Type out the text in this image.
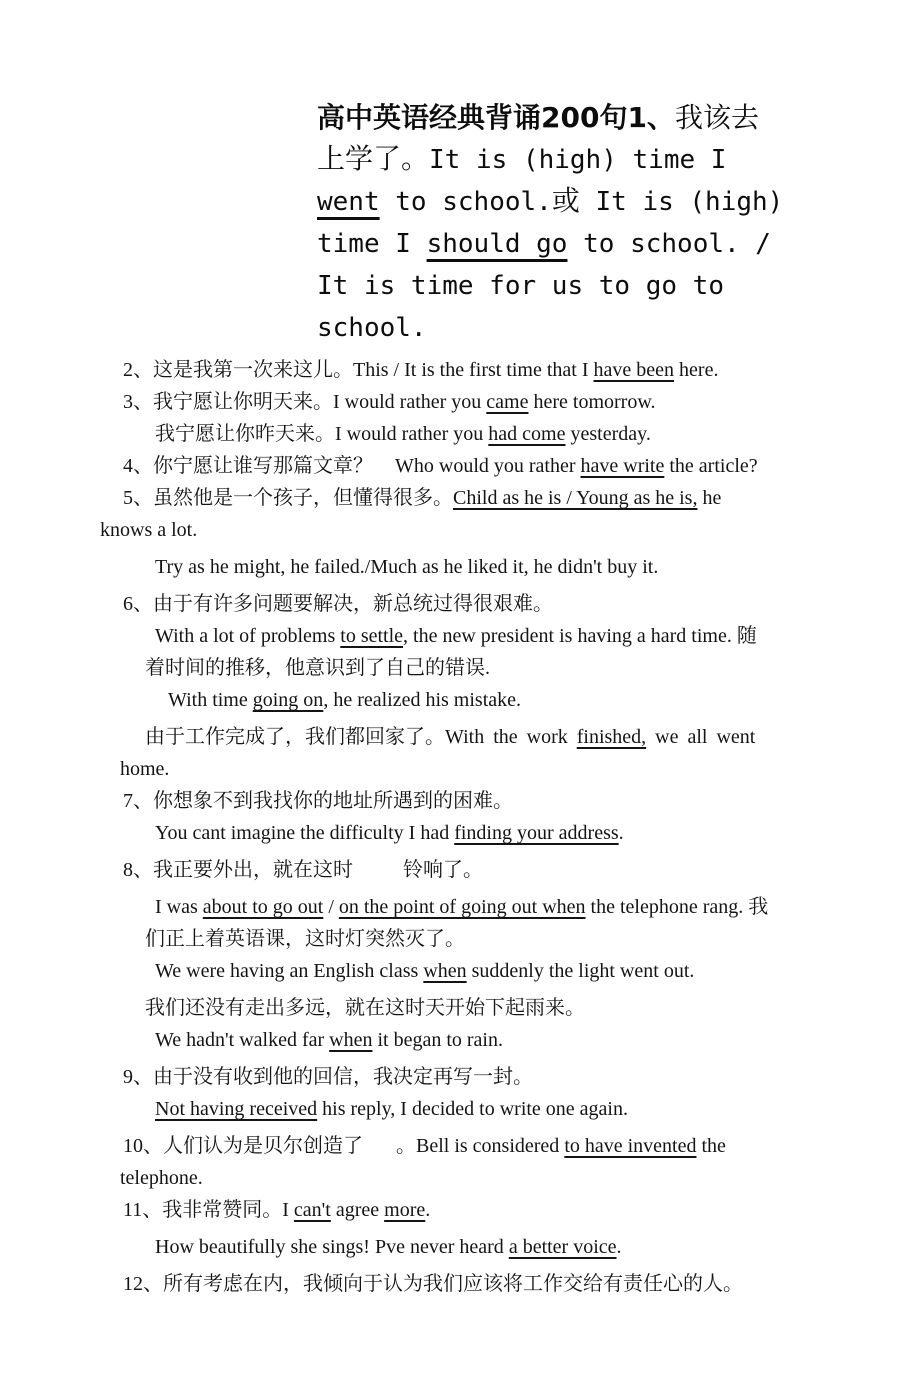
高中英语经典背诵200句1、我该去
上学了。It is (high) time I
went to school.或 It is (high)
time I should go to school. /
It is time for us to go to
school.
2、这是我第一次来这儿。This / It is the first time that I have been here.
3、我宁愿让你明天来。I would rather you came here tomorrow.
我宁愿让你昨天来。I would rather you had come yesterday.
4、你宁愿让谁写那篇文章？ Who would you rather have write the article?
5、虽然他是一个孩子，但懂得很多。Child as he is / Young as he is, he
knows a lot.
Try as he might, he failed./Much as he liked it, he didn't buy it.
6、由于有许多问题要解决，新总统过得很艰难。
With a lot of problems to settle, the new president is having a hard time. 随
着时间的推移，他意识到了自己的错误.
With time going on, he realized his mistake.
由于工作完成了，我们都回家了。With the work finished, we all went
home.
7、你想象不到我找你的地址所遇到的困难。
You cant imagine the difficulty I had finding your address.
8、我正要外出，就在这时	铃响了。
I was about to go out / on the point of going out when the telephone rang. 我
们正上着英语课，这时灯突然灭了。
We were having an English class when suddenly the light went out.
我们还没有走出多远，就在这时天开始下起雨来。
We hadn't walked far when it began to rain.
9、由于没有收到他的回信，我决定再写一封。
Not having received his reply, I decided to write one again.
10、人们认为是贝尔创造了 。Bell is considered to have invented the
telephone.
11、我非常赞同。I can't agree more.
How beautifully she sings! Pve never heard a better voice.
12、所有考虑在内，我倾向于认为我们应该将工作交给有责任心的人。
